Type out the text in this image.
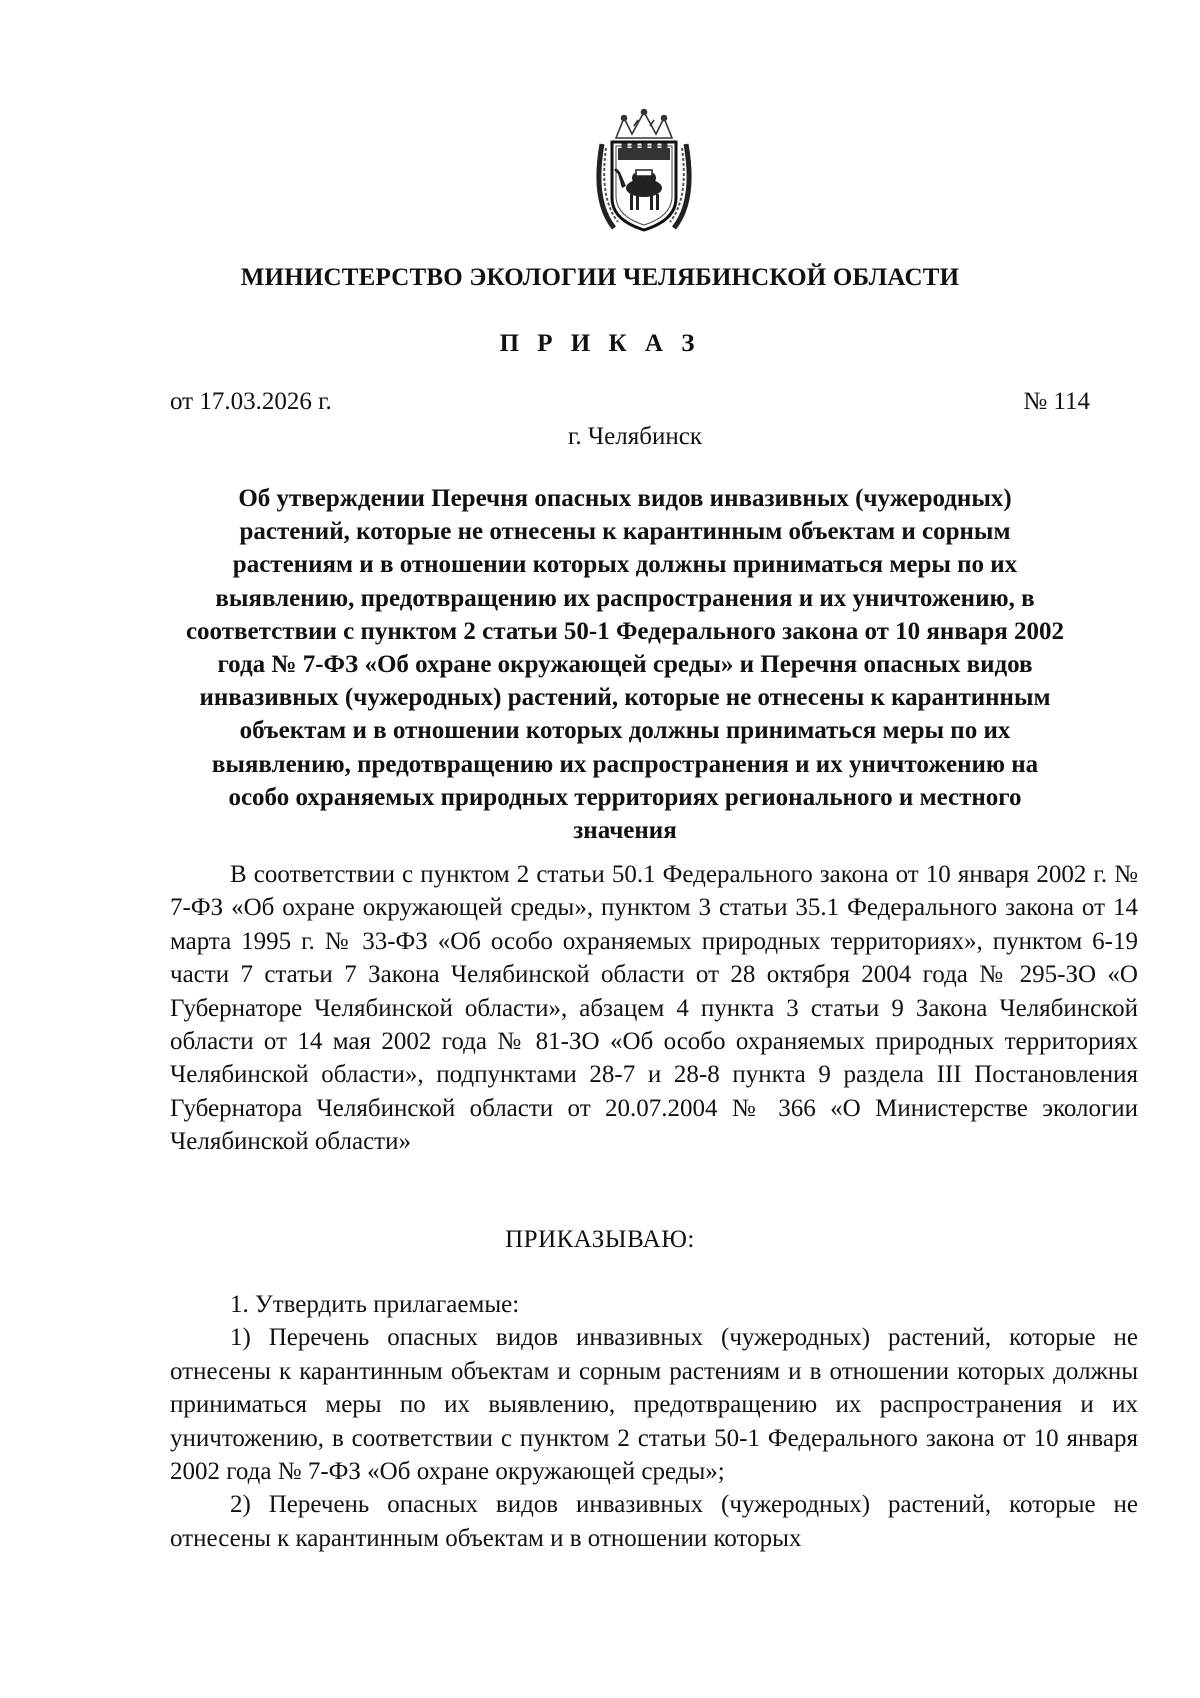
МИНИСТЕРСТВО ЭКОЛОГИИ ЧЕЛЯБИНСКОЙ ОБЛАСТИ
П Р И К А З
от 17.03.2026 г.	№ 114
г. Челябинск
Об утверждении Перечня опасных видов инвазивных (чужеродных) растений, которые не отнесены к карантинным объектам и сорным растениям и в отношении которых должны приниматься меры по их выявлению, предотвращению их распространения и их уничтожению, в соответствии с пунктом 2 статьи 50-1 Федерального закона от 10 января 2002 года № 7-ФЗ «Об охране окружающей среды» и Перечня опасных видов инвазивных (чужеродных) растений, которые не отнесены к карантинным объектам и в отношении которых должны приниматься меры по их выявлению, предотвращению их распространения и их уничтожению на особо охраняемых природных территориях регионального и местного значения
В соответствии с пунктом 2 статьи 50.1 Федерального закона от 10 января 2002 г. № 7-ФЗ «Об охране окружающей среды», пунктом 3 статьи 35.1 Федерального закона от 14 марта 1995 г. № 33-ФЗ «Об особо охраняемых природных территориях», пунктом 6-19 части 7 статьи 7 Закона Челябинской области от 28 октября 2004 года № 295-ЗО «О Губернаторе Челябинской области», абзацем 4 пункта 3 статьи 9 Закона Челябинской области от 14 мая 2002 года № 81-ЗО «Об особо охраняемых природных территориях Челябинской области», подпунктами 28-7 и 28-8 пункта 9 раздела III Постановления Губернатора Челябинской области от 20.07.2004 № 366 «О Министерстве экологии Челябинской области»
ПРИКАЗЫВАЮ:

1. Утвердить прилагаемые:

1) Перечень опасных видов инвазивных (чужеродных) растений, которые не отнесены к карантинным объектам и сорным растениям и в отношении которых должны приниматься меры по их выявлению, предотвращению их распространения и их уничтожению, в соответствии с пунктом 2 статьи 50-1 Федерального закона от 10 января 2002 года № 7-ФЗ «Об охране окружающей среды»;

2) Перечень опасных видов инвазивных (чужеродных) растений, которые не отнесены к карантинным объектам и в отношении которых
